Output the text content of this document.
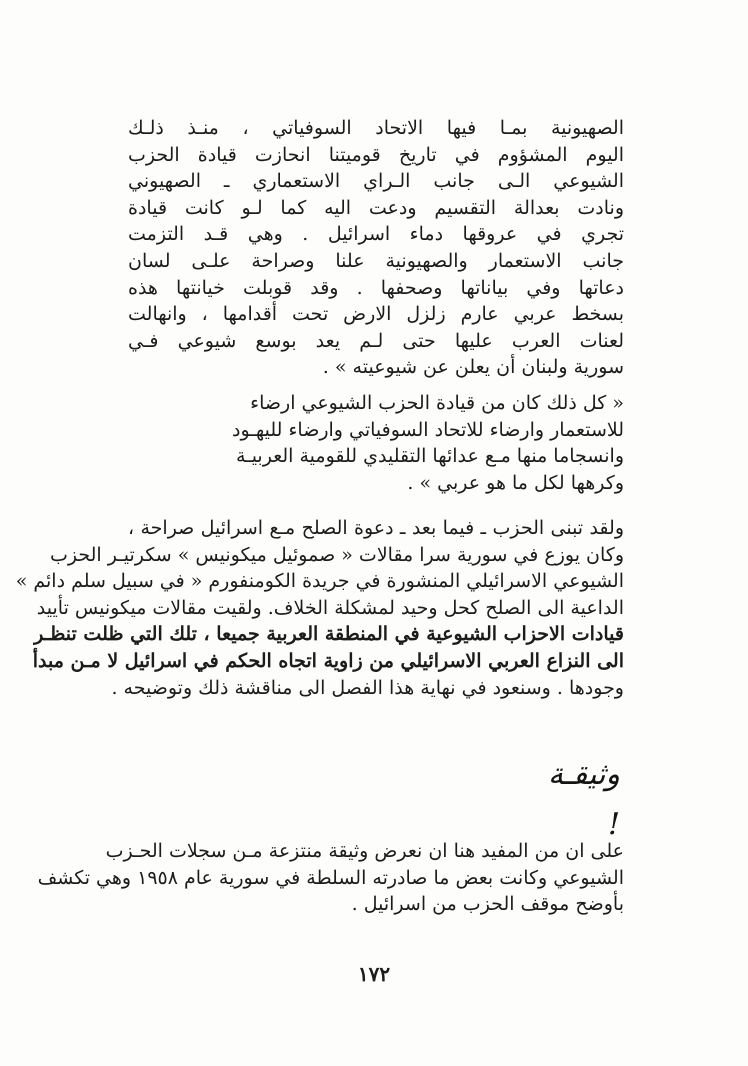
الصهيونية بمـا فيها الاتحاد السوفياتي ، منـذ ذلـك
اليوم المشؤوم في تاريخ قوميتنا انحازت قيادة الحزب
الشيوعي الـى جانب الـراي الاستعماري ـ الصهيوني
ونادت بعدالة التقسيم ودعت اليه كما لـو كانت قيادة
تجري في عروقها دماء اسرائيل . وهي قـد التزمت
جانب الاستعمار والصهيونية علنا وصراحة علـى لسان
دعاتها وفي بياناتها وصحفها . وقد قوبلت خيانتها هذه
بسخط عربي عارم زلزل الارض تحت أقدامها ، وانهالت
لعنات العرب عليها حتى لـم يعد بوسع شيوعي فـي
سورية ولبنان أن يعلن عن شيوعيته » .
« كل ذلك كان من قيادة الحزب الشيوعي ارضاء
للاستعمار وارضاء للاتحاد السوفياتي وارضاء لليهـود
وانسجاما منها مـع عدائها التقليدي للقومية العربيـة
وكرهها لكل ما هو عربي » .
ولقد تبنى الحزب ـ فيما بعد ـ دعوة الصلح مـع اسرائيل صراحة ،
وكان يوزع في سورية سرا مقالات « صموئيل ميكونيس » سكرتيـر الحزب
الشيوعي الاسرائيلي المنشورة في جريدة الكومنفورم « في سبيل سلم دائم »
الداعية الى الصلح كحل وحيد لمشكلة الخلاف. ولقيت مقالات ميكونيس تأييد
قيادات الاحزاب الشيوعية في المنطقة العربية جميعا ، تلك التي ظلت تنظـر
الى النزاع العربي الاسرائيلي من زاوية اتجاه الحكم في اسرائيل لا مـن مبدأ
وجودها . وسنعود في نهاية هذا الفصل الى مناقشة ذلك وتوضيحه .
وثيقـة !
على ان من المفيد هنا ان نعرض وثيقة منتزعة مـن سجلات الحـزب
الشيوعي وكانت بعض ما صادرته السلطة في سورية عام ١٩٥٨ وهي تكشف
بأوضح موقف الحزب من اسرائيل .
١٧٢
